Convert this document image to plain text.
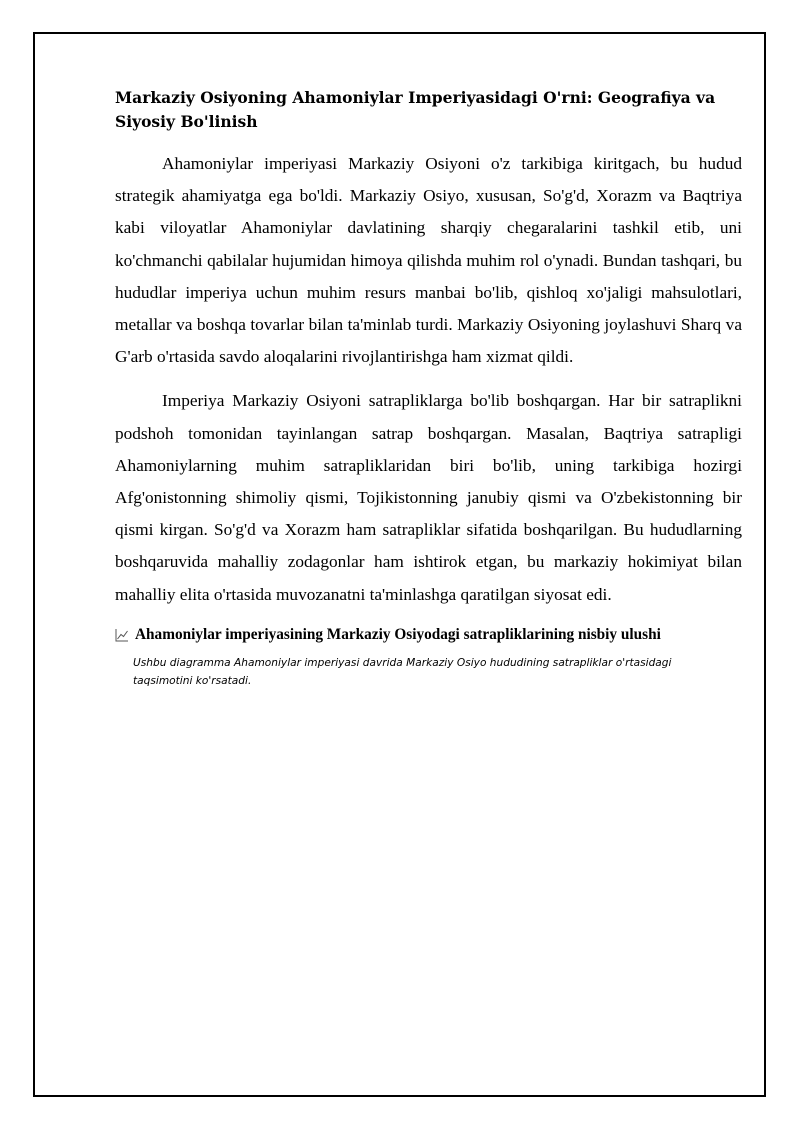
Markaziy Osiyoning Ahamoniylar Imperiyasidagi O'rni: Geografiya va Siyosiy Bo'linish

Ahamoniylar imperiyasi Markaziy Osiyoni o'z tarkibiga kiritgach, bu hudud strategik ahamiyatga ega bo'ldi. Markaziy Osiyo, xususan, So'g'd, Xorazm va Baqtriya kabi viloyatlar Ahamoniylar davlatining sharqiy chegaralarini tashkil etib, uni ko'chmanchi qabilalar hujumidan himoya qilishda muhim rol o'ynadi. Bundan tashqari, bu hududlar imperiya uchun muhim resurs manbai bo'lib, qishloq xo'jaligi mahsulotlari, metallar va boshqa tovarlar bilan ta'minlab turdi. Markaziy Osiyoning joylashuvi Sharq va G'arb o'rtasida savdo aloqalarini rivojlantirishga ham xizmat qildi.

Imperiya Markaziy Osiyoni satrapliklarga bo'lib boshqargan. Har bir satraplikni podshoh tomonidan tayinlangan satrap boshqargan. Masalan, Baqtriya satrapligi Ahamoniylarning muhim satrapliklaridan biri bo'lib, uning tarkibiga hozirgi Afg'onistonning shimoliy qismi, Tojikistonning janubiy qismi va O'zbekistonning bir qismi kirgan. So'g'd va Xorazm ham satrapliklar sifatida boshqarilgan. Bu hududlarning boshqaruvida mahalliy zodagonlar ham ishtirok etgan, bu markaziy hokimiyat bilan mahalliy elita o'rtasida muvozanatni ta'minlashga qaratilgan siyosat edi.

Ahamoniylar imperiyasining Markaziy Osiyodagi satrapliklarining nisbiy ulushi
Ushbu diagramma Ahamoniylar imperiyasi davrida Markaziy Osiyo hududining satrapliklar o'rtasidagi taqsimotini ko'rsatadi.
